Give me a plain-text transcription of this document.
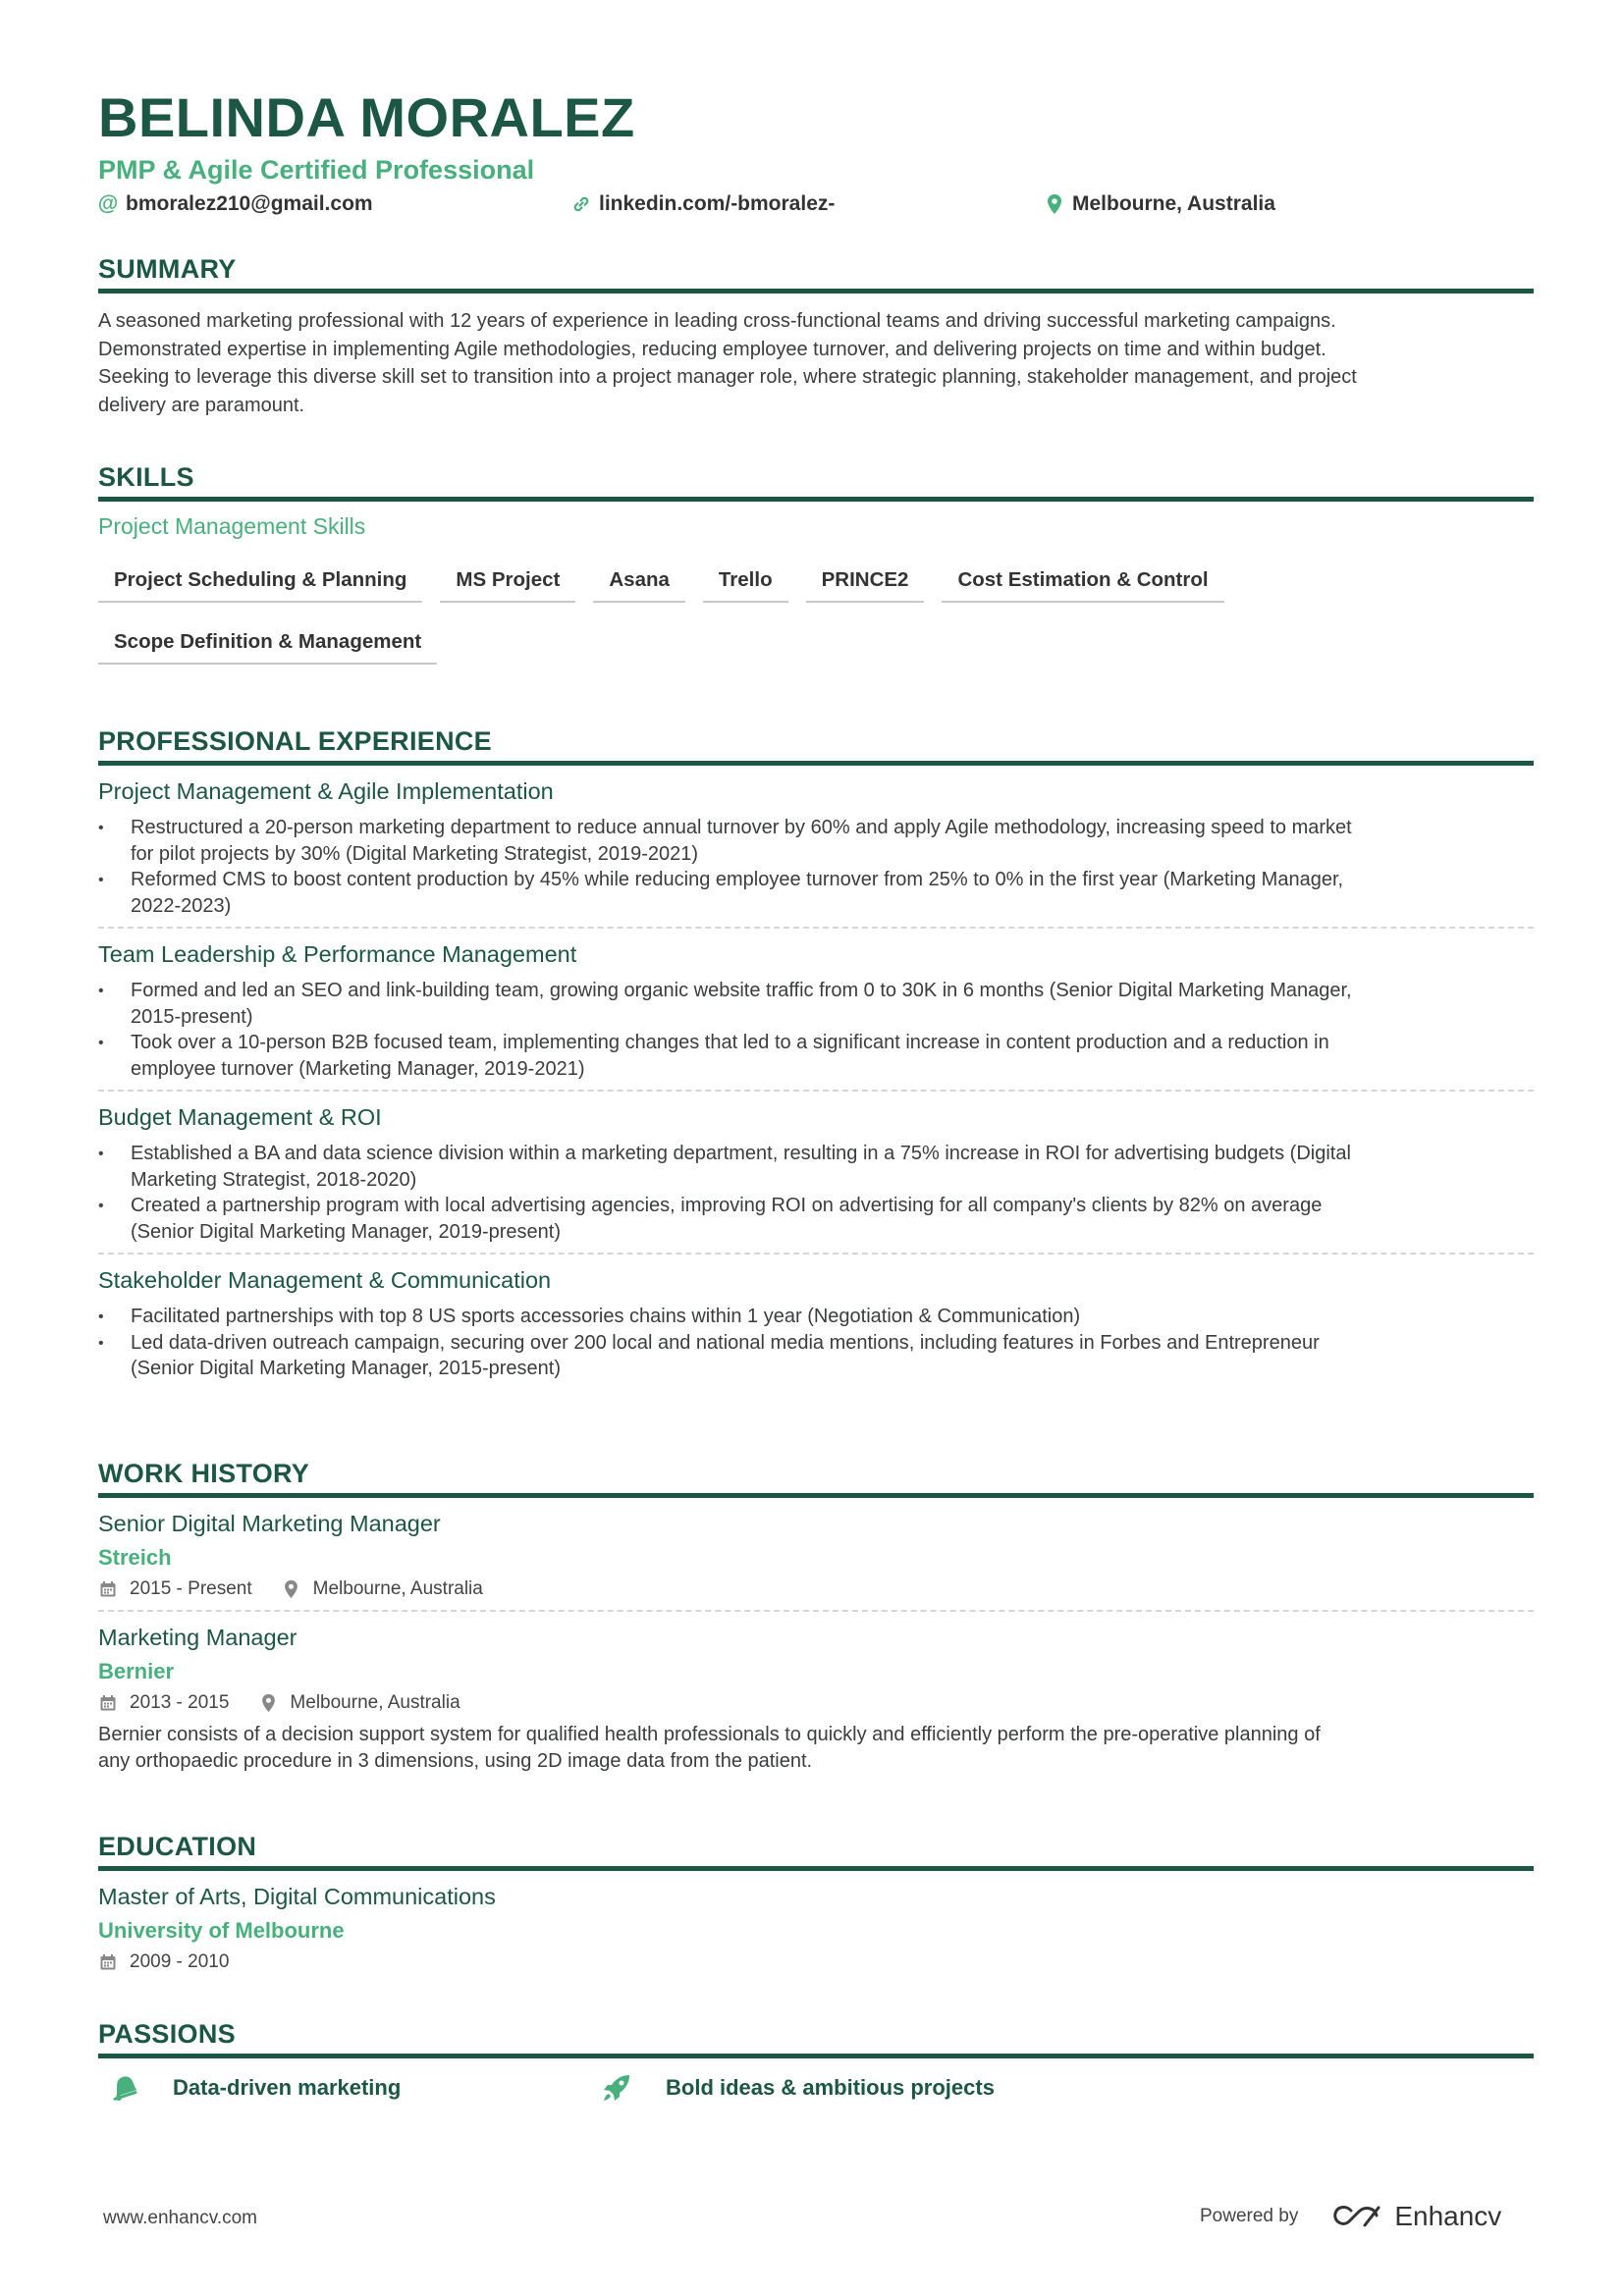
BELINDA MORALEZ
PMP & Agile Certified Professional
@ bmoralez210@gmail.com	linkedin.com/-bmoralez-	Melbourne, Australia
SUMMARY
A seasoned marketing professional with 12 years of experience in leading cross-functional teams and driving successful marketing campaigns.
Demonstrated expertise in implementing Agile methodologies, reducing employee turnover, and delivering projects on time and within budget.
Seeking to leverage this diverse skill set to transition into a project manager role, where strategic planning, stakeholder management, and project
delivery are paramount.
SKILLS
Project Management Skills
Project Scheduling & Planning	MS Project	Asana	Trello	PRINCE2	Cost Estimation & Control
Scope Definition & Management
PROFESSIONAL EXPERIENCE
Project Management & Agile Implementation
• Restructured a 20-person marketing department to reduce annual turnover by 60% and apply Agile methodology, increasing speed to market
for pilot projects by 30% (Digital Marketing Strategist, 2019-2021)
• Reformed CMS to boost content production by 45% while reducing employee turnover from 25% to 0% in the first year (Marketing Manager,
2022-2023)
Team Leadership & Performance Management
• Formed and led an SEO and link-building team, growing organic website traffic from 0 to 30K in 6 months (Senior Digital Marketing Manager,
2015-present)
• Took over a 10-person B2B focused team, implementing changes that led to a significant increase in content production and a reduction in
employee turnover (Marketing Manager, 2019-2021)
Budget Management & ROI
• Established a BA and data science division within a marketing department, resulting in a 75% increase in ROI for advertising budgets (Digital
Marketing Strategist, 2018-2020)
• Created a partnership program with local advertising agencies, improving ROI on advertising for all company's clients by 82% on average
(Senior Digital Marketing Manager, 2019-present)
Stakeholder Management & Communication
• Facilitated partnerships with top 8 US sports accessories chains within 1 year (Negotiation & Communication)
• Led data-driven outreach campaign, securing over 200 local and national media mentions, including features in Forbes and Entrepreneur
(Senior Digital Marketing Manager, 2015-present)
WORK HISTORY
Senior Digital Marketing Manager
Streich
2015 - Present	Melbourne, Australia
Marketing Manager
Bernier
2013 - 2015	Melbourne, Australia
Bernier consists of a decision support system for qualified health professionals to quickly and efficiently perform the pre-operative planning of
any orthopaedic procedure in 3 dimensions, using 2D image data from the patient.
EDUCATION
Master of Arts, Digital Communications
University of Melbourne
2009 - 2010
PASSIONS
Data-driven marketing	Bold ideas & ambitious projects
www.enhancv.com	Powered by	Enhancv
